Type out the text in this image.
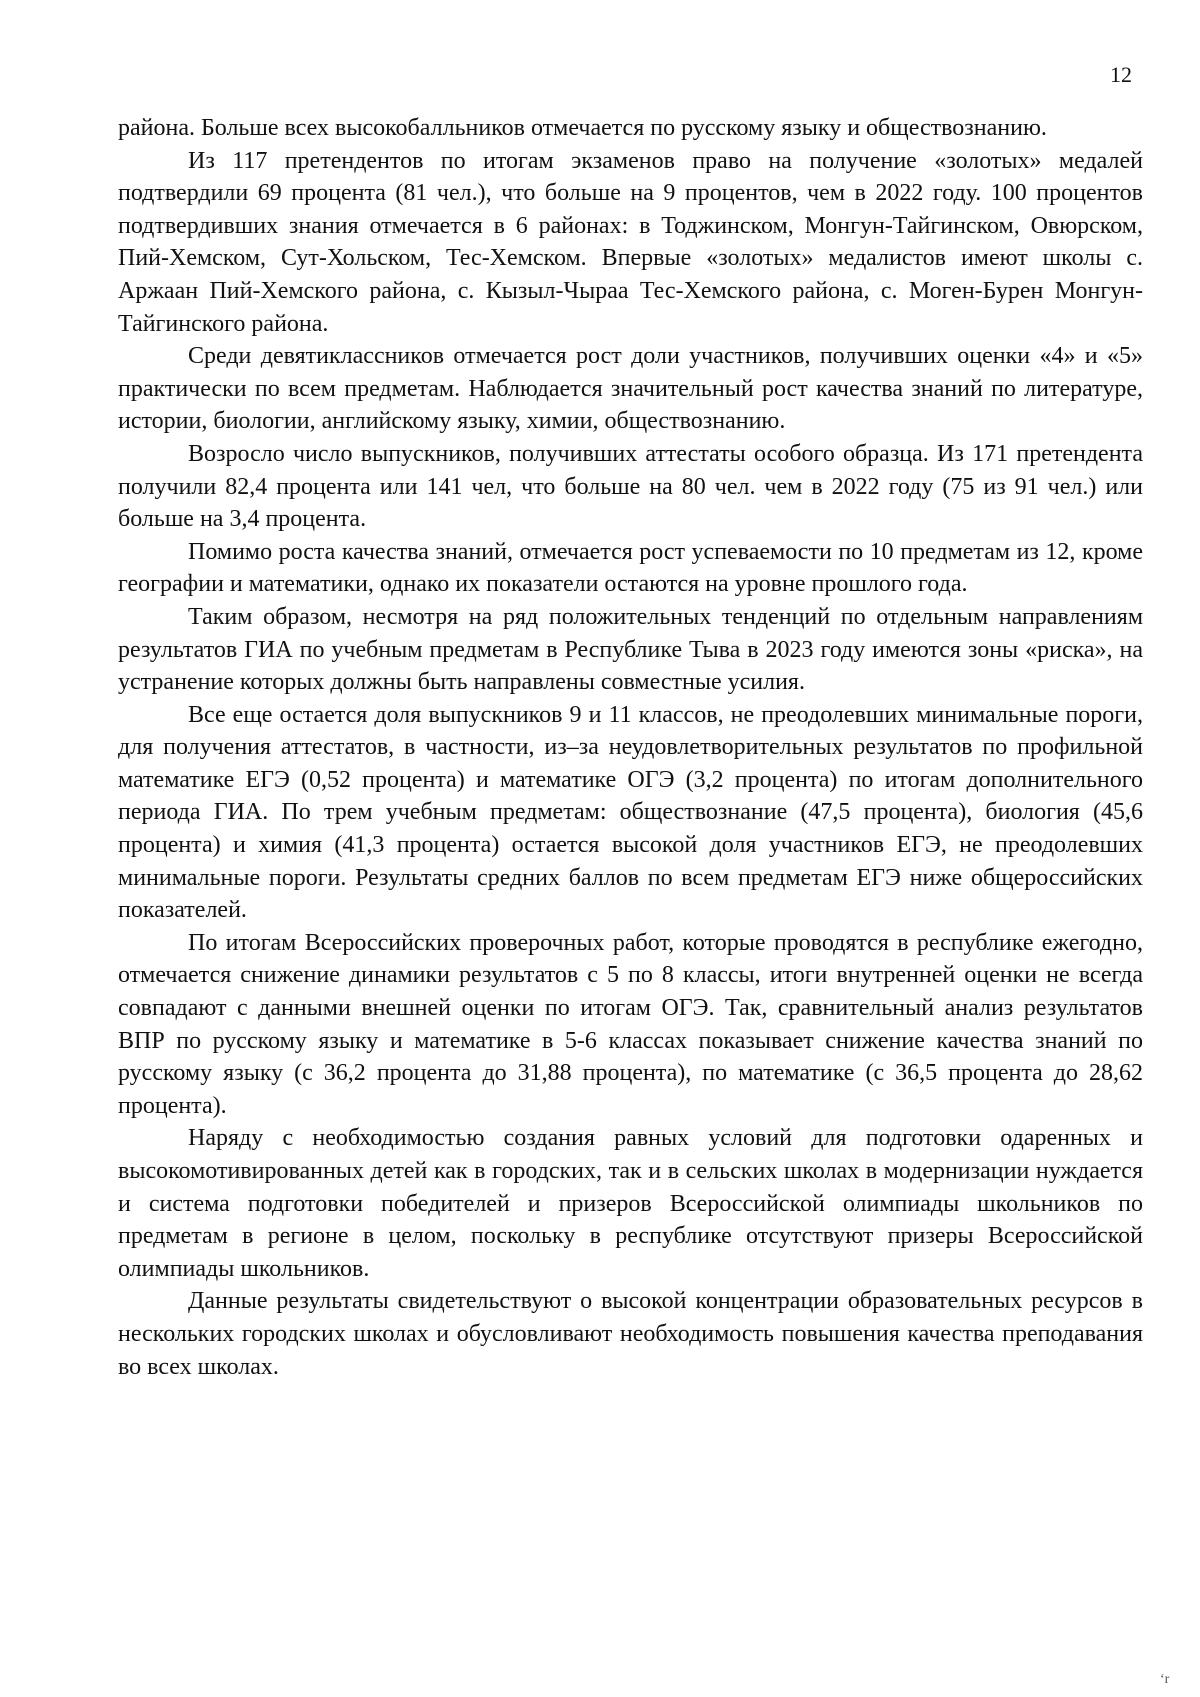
12

района. Больше всех высокобалльников отмечается по русскому языку и обществознанию.

Из 117 претендентов по итогам экзаменов право на получение «золотых» медалей подтвердили 69 процента (81 чел.), что больше на 9 процентов, чем в 2022 году. 100 процентов подтвердивших знания отмечается в 6 районах: в Тоджинском, Монгун-Тайгинском, Овюрском, Пий-Хемском, Сут-Хольском, Тес-Хемском. Впервые «золотых» медалистов имеют школы с. Аржаан Пий-Хемского района, с. Кызыл-Чыраа Тес-Хемского района, с. Моген-Бурен Монгун-Тайгинского района.

Среди девятиклассников отмечается рост доли участников, получивших оценки «4» и «5» практически по всем предметам. Наблюдается значительный рост качества знаний по литературе, истории, биологии, английскому языку, химии, обществознанию.

Возросло число выпускников, получивших аттестаты особого образца. Из 171 претендента получили 82,4 процента или 141 чел, что больше на 80 чел. чем в 2022 году (75 из 91 чел.) или больше на 3,4 процента.

Помимо роста качества знаний, отмечается рост успеваемости по 10 предметам из 12, кроме географии и математики, однако их показатели остаются на уровне прошлого года.

Таким образом, несмотря на ряд положительных тенденций по отдельным направлениям результатов ГИА по учебным предметам в Республике Тыва в 2023 году имеются зоны «риска», на устранение которых должны быть направлены совместные усилия.

Все еще остается доля выпускников 9 и 11 классов, не преодолевших минимальные пороги, для получения аттестатов, в частности, из–за неудовлетворительных результатов по профильной математике ЕГЭ (0,52 процента) и математике ОГЭ (3,2 процента) по итогам дополнительного периода ГИА. По трем учебным предметам: обществознание (47,5 процента), биология (45,6 процента) и химия (41,3 процента) остается высокой доля участников ЕГЭ, не преодолевших минимальные пороги. Результаты средних баллов по всем предметам ЕГЭ ниже общероссийских показателей.

По итогам Всероссийских проверочных работ, которые проводятся в республике ежегодно, отмечается снижение динамики результатов с 5 по 8 классы, итоги внутренней оценки не всегда совпадают с данными внешней оценки по итогам ОГЭ. Так, сравнительный анализ результатов ВПР по русскому языку и математике в 5-6 классах показывает снижение качества знаний по русскому языку (с 36,2 процента до 31,88 процента), по математике (с 36,5 процента до 28,62 процента).

Наряду с необходимостью создания равных условий для подготовки одаренных и высокомотивированных детей как в городских, так и в сельских школах в модернизации нуждается и система подготовки победителей и призеров Всероссийской олимпиады школьников по предметам в регионе в целом, поскольку в республике отсутствуют призеры Всероссийской олимпиады школьников.

Данные результаты свидетельствуют о высокой концентрации образовательных ресурсов в нескольких городских школах и обусловливают необходимость повышения качества преподавания во всех школах.

ʻr
